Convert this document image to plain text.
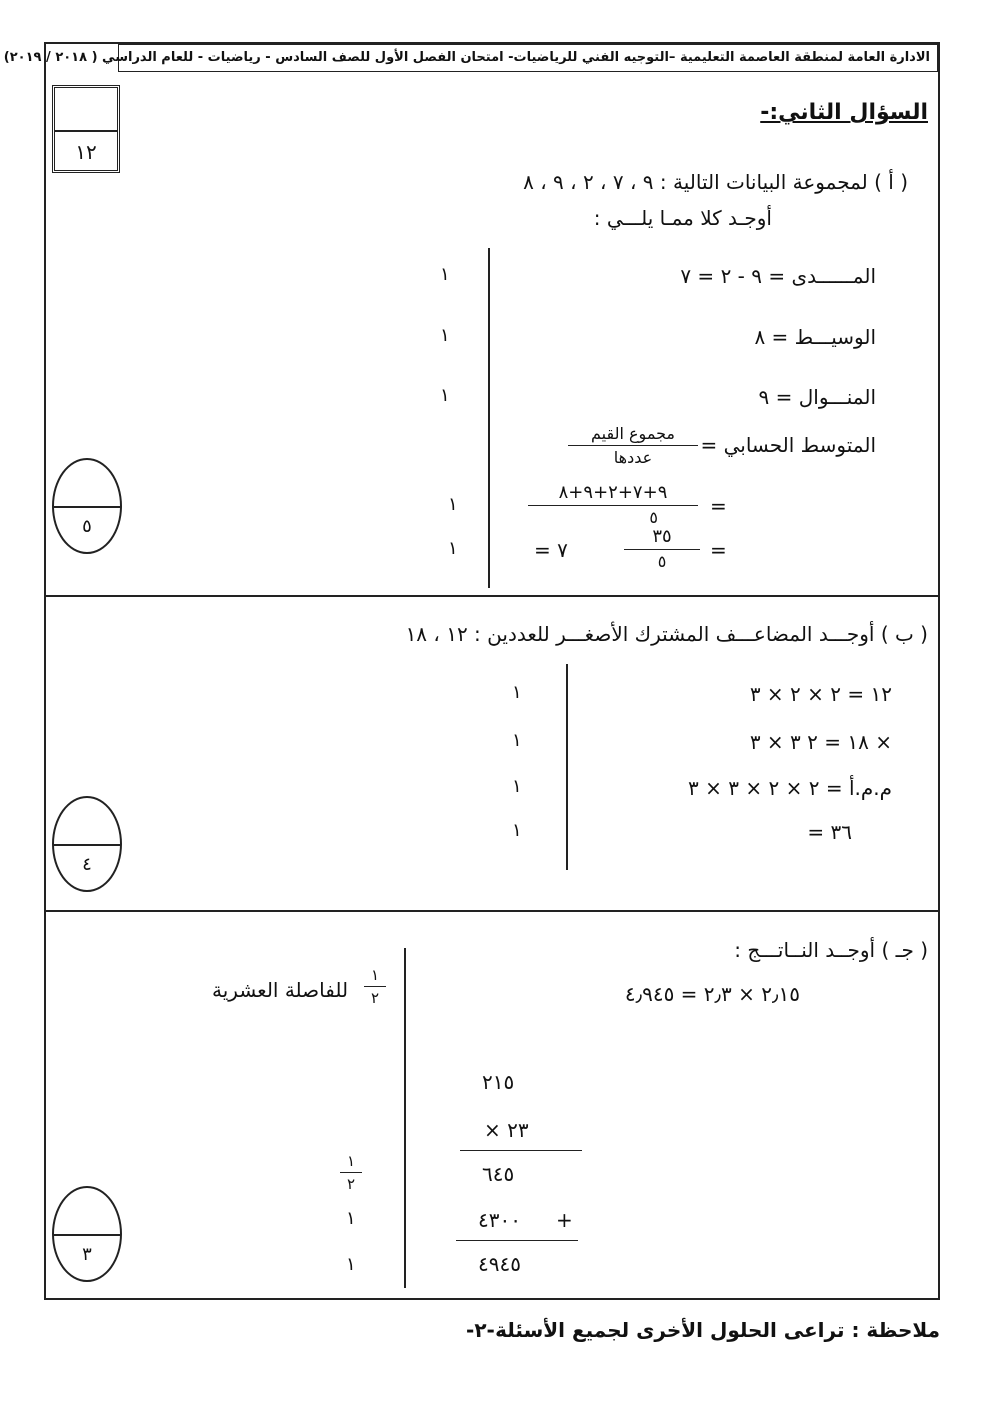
الادارة العامة لمنطقة العاصمة التعليمية –التوجيه الفني للرياضيات- امتحان الفصل الأول للصف السادس - رياضيات - للعام الدراسي ( ٢٠١٨ / ٢٠١٩)
١٢
السؤال الثاني:-
( أ ) لمجموعة البيانات التالية : ٩ ، ٧ ، ٢ ، ٩ ، ٨
أوجـد كلا ممـا يلـــي :
المــــــدى = ٩ - ٢ = ٧
الوسيـــط = ٨
المنـــوال = ٩
المتوسط الحسابي =
مجموع القيم
عددها
=
٩+٧+٢+٩+٨
٥
=
٣٥
٥
= ٧
١
١
١
١
١
٥
( ب ) أوجـــد المضاعـــف المشترك الأصغـــر للعددين : ١٢ ، ١٨
١٢ = ٢ × ٢ × ٣
١٨ = ٢ ٣ × ٣ ×
م.م.أ = ٢ × ٢ × ٣ × ٣
= ٣٦
١
١
١
١
٤
( جـ ) أوجــد النــاتـــج :
٢٫١٥ × ٢٫٣ = ٤٫٩٤٥
١
٢
للفاصلة العشرية
٢١٥
× ٢٣
٦٤٥
٤٣٠٠ +
٤٩٤٥
١
٢
١
١
٣
ملاحظة : تراعى الحلول الأخرى لجميع الأسئلة
-٢-
